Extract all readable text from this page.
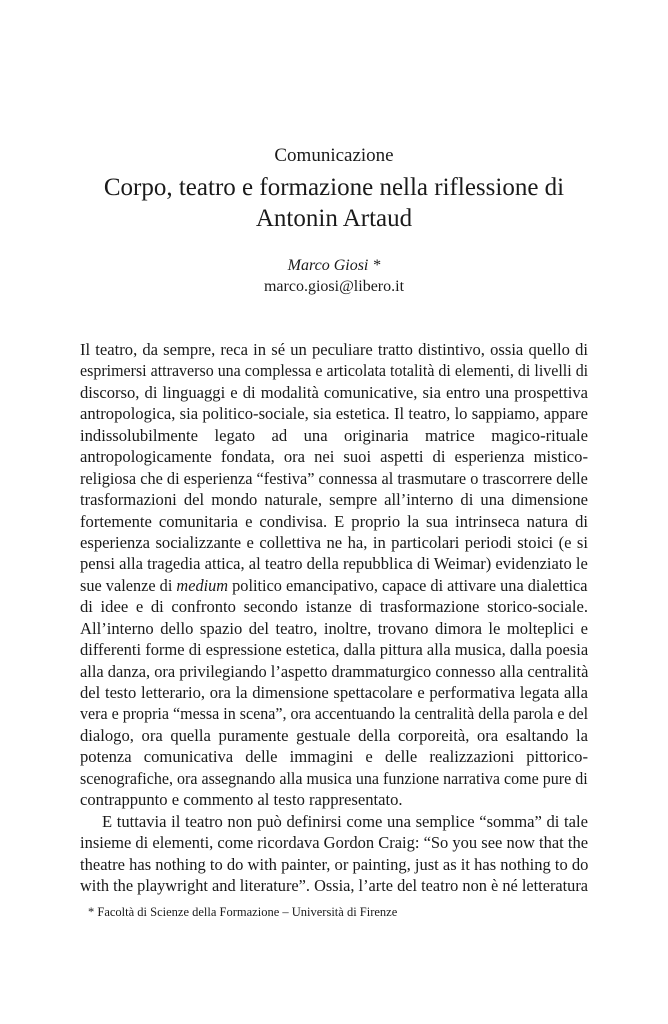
Comunicazione
Corpo, teatro e formazione nella riflessione di
Antonin Artaud
Marco Giosi *
marco.giosi@libero.it
Il teatro, da sempre, reca in sé un peculiare tratto distintivo, ossia quello di
esprimersi attraverso una complessa e articolata totalità di elementi, di livelli di
discorso, di linguaggi e di modalità comunicative, sia entro una prospettiva
antropologica, sia politico-sociale, sia estetica. Il teatro, lo sappiamo, appare
indissolubilmente legato ad una originaria matrice magico-rituale
antropologicamente fondata, ora nei suoi aspetti di esperienza mistico-
religiosa che di esperienza “festiva” connessa al trasmutare o trascorrere delle
trasformazioni del mondo naturale, sempre all’interno di una dimensione
fortemente comunitaria e condivisa. E proprio la sua intrinseca natura di
esperienza socializzante e collettiva ne ha, in particolari periodi stoici (e si
pensi alla tragedia attica, al teatro della repubblica di Weimar) evidenziato le
sue valenze di medium politico emancipativo, capace di attivare una dialettica
di idee e di confronto secondo istanze di trasformazione storico-sociale.
All’interno dello spazio del teatro, inoltre, trovano dimora le molteplici e
differenti forme di espressione estetica, dalla pittura alla musica, dalla poesia
alla danza, ora privilegiando l’aspetto drammaturgico connesso alla centralità
del testo letterario, ora la dimensione spettacolare e performativa legata alla
vera e propria “messa in scena”, ora accentuando la centralità della parola e del
dialogo, ora quella puramente gestuale della corporeità, ora esaltando la
potenza comunicativa delle immagini e delle realizzazioni pittorico-
scenografiche, ora assegnando alla musica una funzione narrativa come pure di
contrappunto e commento al testo rappresentato.
E tuttavia il teatro non può definirsi come una semplice “somma” di tale
insieme di elementi, come ricordava Gordon Craig: “So you see now that the
theatre has nothing to do with painter, or painting, just as it has nothing to do
with the playwright and literature”. Ossia, l’arte del teatro non è né letteratura
* Facoltà di Scienze della Formazione – Università di Firenze
